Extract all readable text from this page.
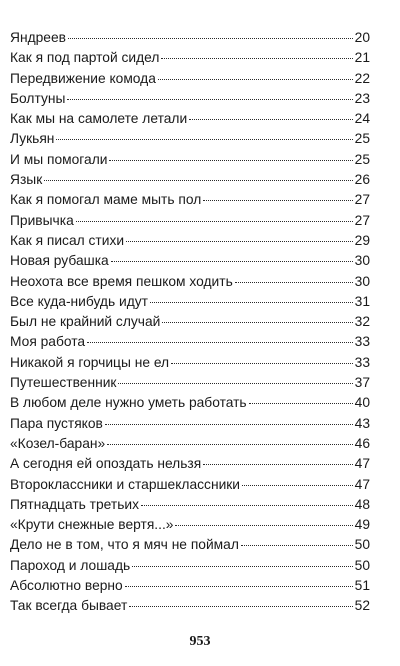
Яндреев	20
Как я под партой сидел	21
Передвижение комода	22
Болтуны	23
Как мы на самолете летали	24
Лукьян	25
И мы помогали	25
Язык	26
Как я помогал маме мыть пол	27
Привычка	27
Как я писал стихи	29
Новая рубашка	30
Неохота все время пешком ходить	30
Все куда-нибудь идут	31
Был не крайний случай	32
Моя работа	33
Никакой я горчицы не ел	33
Путешественник	37
В любом деле нужно уметь работать	40
Пара пустяков	43
«Козел-баран»	46
А сегодня ей опоздать нельзя	47
Второклассники и старшеклассники	47
Пятнадцать третьих	48
«Крути снежные вертя...»	49
Дело не в том, что я мяч не поймал	50
Пароход и лошадь	50
Абсолютно верно	51
Так всегда бывает	52
953
